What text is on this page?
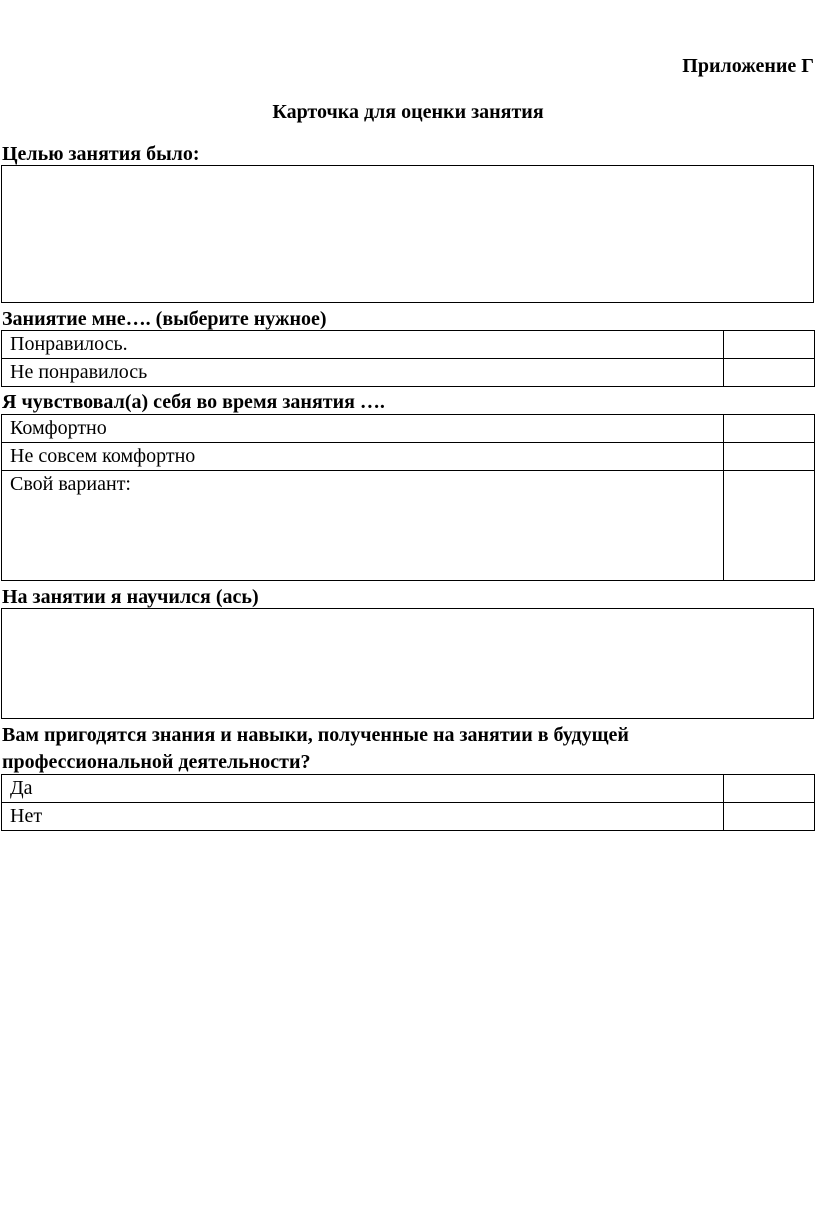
Приложение Г
Карточка для оценки занятия
Целью занятия было:
Заниятие мне…. (выберите нужное)
Понравилось.	
Не понравилось	
Я чувствовал(а) себя во время занятия ….
Комфортно	
Не совсем комфортно	
Свой вариант:	
На занятии я научился (ась)
Вам пригодятся знания и навыки, полученные на занятии в будущей
профессиональной деятельности?
Да	
Нет	
